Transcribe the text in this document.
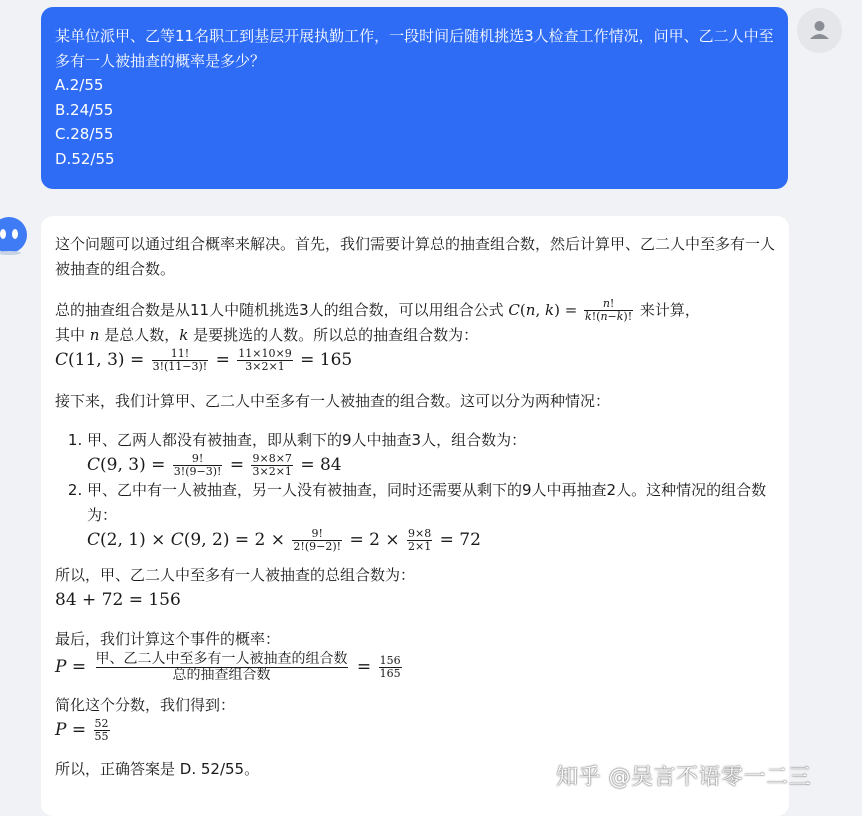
某单位派甲、乙等11名职工到基层开展执勤工作，一段时间后随机挑选3人检查工作情况，问甲、乙二人中至多有一人被抽查的概率是多少？

A.2/55

B.24/55

C.28/55

D.52/55

这个问题可以通过组合概率来解决。首先，我们需要计算总的抽查组合数，然后计算甲、乙二人中至多有一人被抽查的组合数。

总的抽查组合数是从11人中随机挑选3人的组合数，可以用组合公式 C(n, $k) = \frac{n!}{k!(n-k)!}$ 来计算，
其中 n 是总人数，k 是要挑选的人数。所以总的抽查组合数为：
C(11, $3) = \frac{11!}{3!(11-3)!} = \frac{11\times 10\times 9}{3\times 2\times 1} = 165$

接下来，我们计算甲、乙二人中至多有一人被抽查的组合数。这可以分为两种情况：

1. 甲、乙两人都没有被抽查，即从剩下的9人中抽查3人，组合数为：
C(9, $3) = \frac{9!}{3!(9-3)!} = \frac{9\times 8\times 7}{3\times 2\times 1} = 84$
2. 甲、乙中有一人被抽查，另一人没有被抽查，同时还需要从剩下的9人中再抽查2人。这种情况的组合数为：
C(2, 1) × C(9, $2) = 2 \times \frac{9!}{2!(9-2)!} = 2 \times \frac{9\times 8}{2\times 1} = 72$

所以，甲、乙二人中至多有一人被抽查的总组合数为：

84 + 72 = 156

最后，我们计算这个事件的概率：

$P = \frac{\text{甲、乙二人中至多有一人被抽查的组合数}}{\text{总的抽查组合数}} = \frac{156}{165}$

简化这个分数，我们得到：

$P = \frac{52}{55}$

所以，正确答案是 D. 52/55。	知乎 @吴言不语零一二三
